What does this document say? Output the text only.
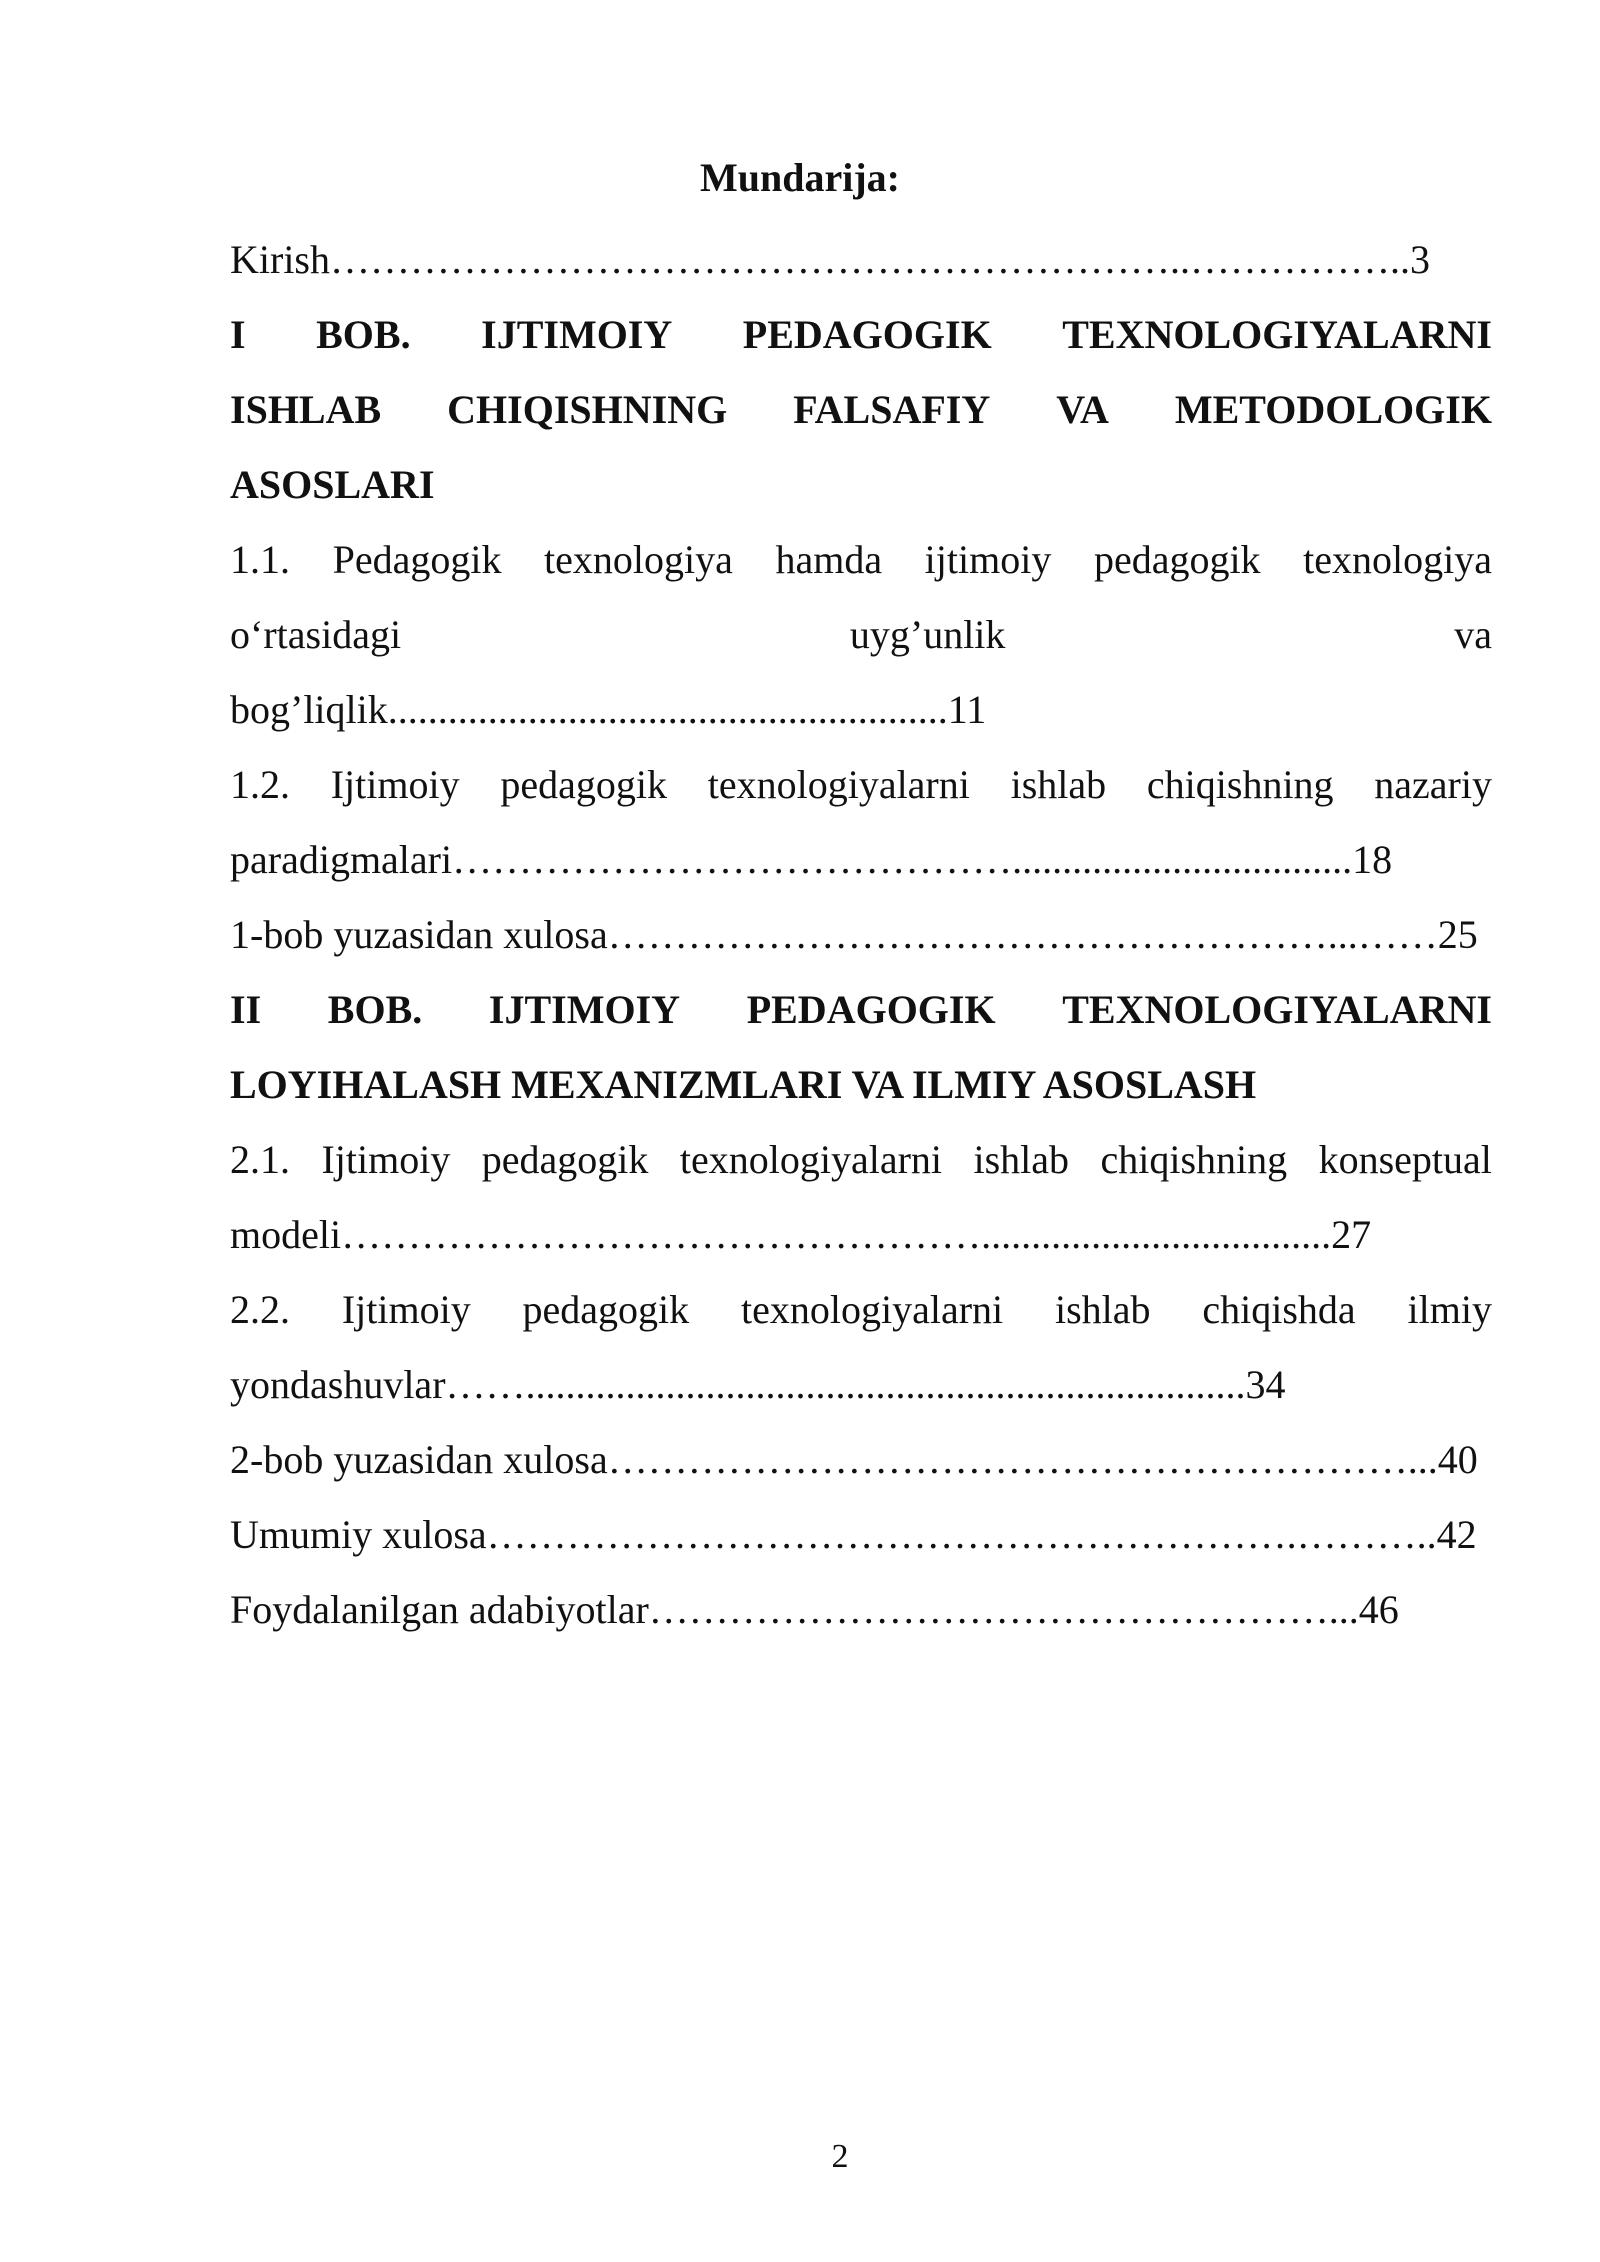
Mundarija:
Kirish………………………………………………………..……………..3
I BOB. IJTIMOIY PEDAGOGIK TEXNOLOGIYALARNI
ISHLAB CHIQISHNING FALSAFIY VA METODOLOGIK
ASOSLARI
1.1. Pedagogik texnologiya hamda ijtimoiy pedagogik texnologiya
o‘rtasidagi	uyg’unlik	va
bog’liqlik........................................................11
1.2. Ijtimoiy pedagogik texnologiyalarni ishlab chiqishning nazariy
paradigmalari……………………………………..................................18
1-bob yuzasidan xulosa………………………………………………...……25
II BOB. IJTIMOIY PEDAGOGIK TEXNOLOGIYALARNI
LOYIHALASH MEXANIZMLARI VA ILMIY ASOSLASH
2.1. Ijtimoiy pedagogik texnologiyalarni ishlab chiqishning konseptual
modeli…………………………………………...................................27
2.2. Ijtimoiy pedagogik texnologiyalarni ishlab chiqishda ilmiy
yondashuvlar……........................................................................34
2-bob yuzasidan xulosa……………………………………………………...40
Umumiy xulosa…………………………………………………….………..42
Foydalanilgan adabiyotlar……………………………………………...46
2
